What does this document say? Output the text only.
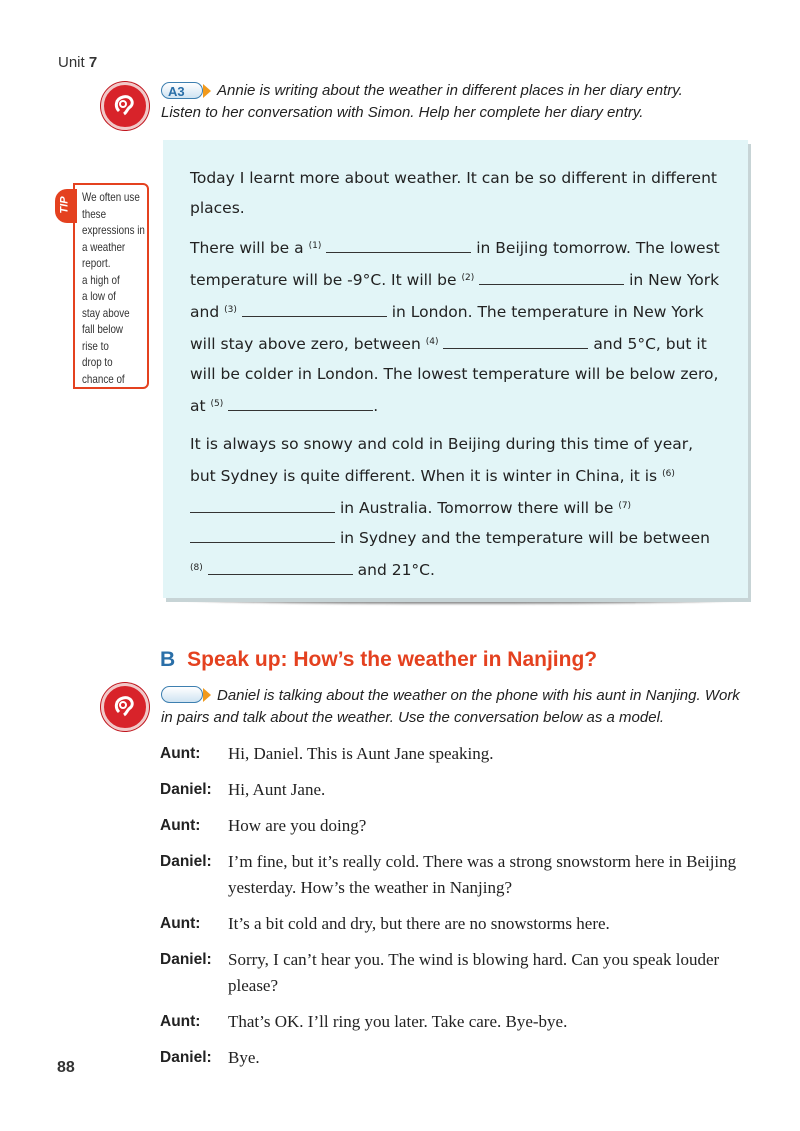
Unit 7
A3	Annie is writing about the weather in different places in her diary entry. Listen to her conversation with Simon. Help her complete her diary entry.
TIP We often use
these
expressions in
a weather
report.
a high of
a low of
stay above
fall below
rise to
drop to
chance of

Today I learnt more about weather. It can be so different in different places.

There will be a $^{(1)}$	in Beijing tomorrow. The lowest temperature will be -9°C. It will be $^{(2)}$	in New York and $^{(3)}$	in London. The temperature in New York will stay above zero, between $^{(4)}$	and 5°C, but it will be colder in London. The lowest temperature will be below zero, at $^{(5)}$	.

It is always so snowy and cold in Beijing during this time of year, but Sydney is quite different. When it is winter in China, it is $^{(6)}$  in Australia. Tomorrow there will be $^{(7)}$  in Sydney and the temperature will be between $^{(8)}$	and 21°C.

B Speak up: How’s the weather in Nanjing?
Daniel is talking about the weather on the phone with his aunt in Nanjing. Work in pairs and talk about the weather. Use the conversation below as a model.
Aunt:	Hi, Daniel. This is Aunt Jane speaking.
Daniel: Hi, Aunt Jane.
Aunt:	How are you doing?
Daniel: I’m fine, but it’s really cold. There was a strong snowstorm here in Beijing yesterday. How’s the weather in Nanjing?
Aunt:	It’s a bit cold and dry, but there are no snowstorms here.
Daniel: Sorry, I can’t hear you. The wind is blowing hard. Can you speak louder please?
Aunt:	That’s OK. I’ll ring you later. Take care. Bye-bye.
Daniel: Bye.
88
